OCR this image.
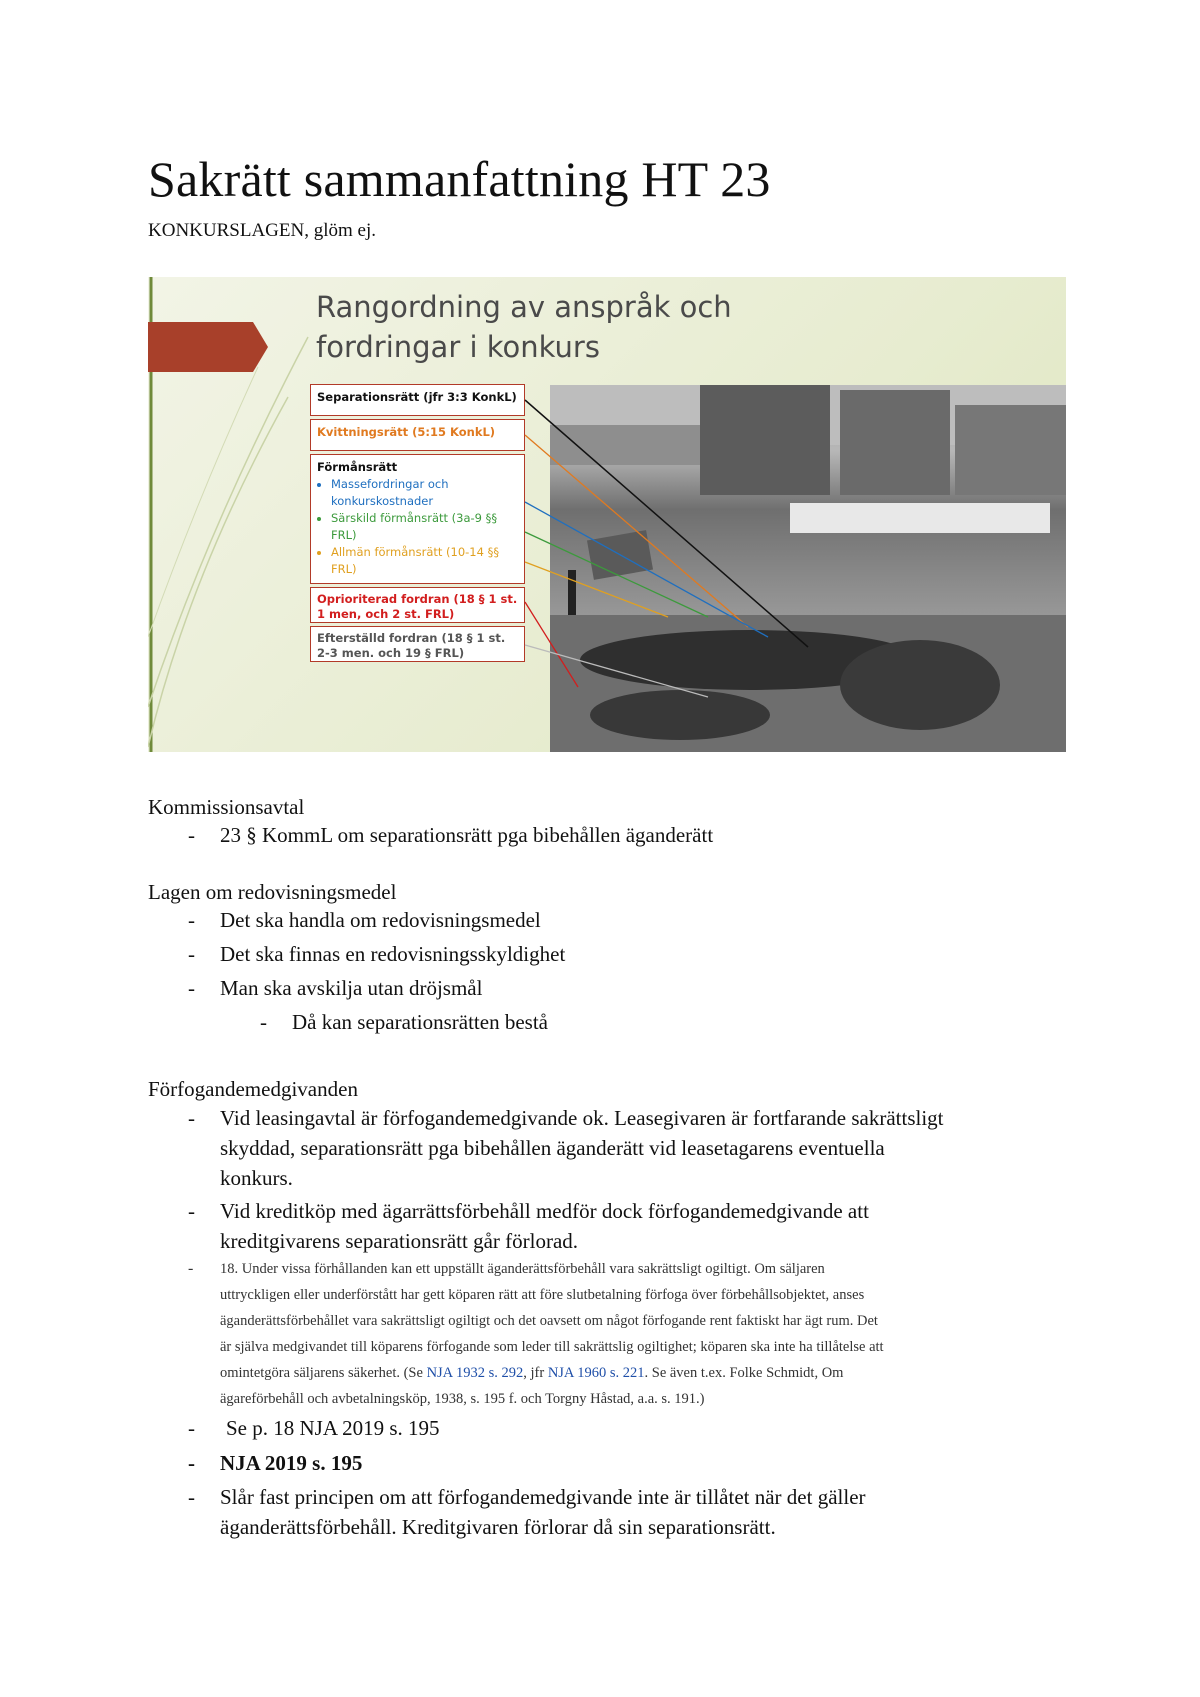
Sakrätt sammanfattning HT 23
KONKURSLAGEN, glöm ej.
Rangordning av anspråk och fordringar i konkurs
Separationsrätt (jfr 3:3 KonkL)
Kvittningsrätt (5:15 KonkL)
Förmånsrätt
• Massefordringar och konkurskostnader
• Särskild förmånsrätt (3a-9 §§ FRL)
• Allmän förmånsrätt (10-14 §§ FRL)
Oprioriterad fordran (18 § 1 st. 1 men, och 2 st. FRL)
Efterställd fordran (18 § 1 st. 2-3 men. och 19 § FRL)
Kommissionsavtal
- 23 § KommL om separationsrätt pga bibehållen äganderätt
Lagen om redovisningsmedel
- Det ska handla om redovisningsmedel
- Det ska finnas en redovisningsskyldighet
- Man ska avskilja utan dröjsmål
- Då kan separationsrätten bestå
Förfogandemedgivanden
- Vid leasingavtal är förfogandemedgivande ok. Leasegivaren är fortfarande sakrättsligt
skyddad, separationsrätt pga bibehållen äganderätt vid leasetagarens eventuella
konkurs.
- Vid kreditköp med ägarrättsförbehåll medför dock förfogandemedgivande att
kreditgivarens separationsrätt går förlorad.
- 18. Under vissa förhållanden kan ett uppställt äganderättsförbehåll vara sakrättsligt ogiltigt. Om säljaren
uttryckligen eller underförstått har gett köparen rätt att före slutbetalning förfoga över förbehållsobjektet, anses
äganderättsförbehållet vara sakrättsligt ogiltigt och det oavsett om något förfogande rent faktiskt har ägt rum. Det
är själva medgivandet till köparens förfogande som leder till sakrättslig ogiltighet; köparen ska inte ha tillåtelse att
omintetgöra säljarens säkerhet. (Se NJA 1932 s. 292, jfr NJA 1960 s. 221. Se även t.ex. Folke Schmidt, Om
ägareförbehåll och avbetalningsköp, 1938, s. 195 f. och Torgny Håstad, a.a. s. 191.)
- Se p. 18 NJA 2019 s. 195
- NJA 2019 s. 195
- Slår fast principen om att förfogandemedgivande inte är tillåtet när det gäller
äganderättsförbehåll. Kreditgivaren förlorar då sin separationsrätt.
